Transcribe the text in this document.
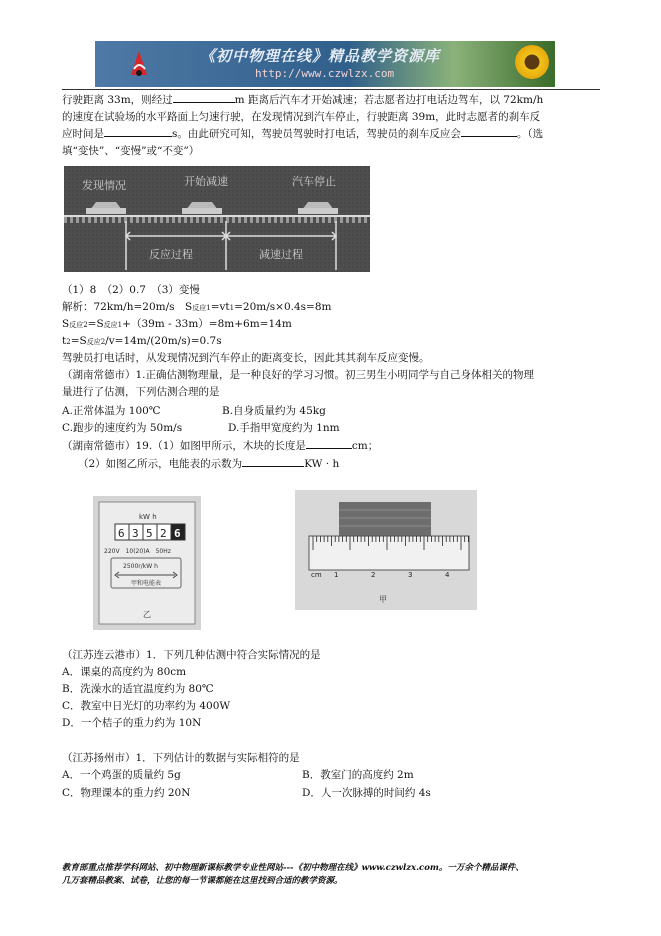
《初中物理在线》精品教学资源库
http://www.czwlzx.com
行驶距离 33m，则经过	m 距离后汽车才开始减速；若志愿者边打电话边驾车，以 72km/h
的速度在试验场的水平路面上匀速行驶，在发现情况到汽车停止，行驶距离 39m，此时志愿者的刹车反
应时间是	s。由此研究可知，驾驶员驾驶时打电话，驾驶员的刹车反应会	。（选
填“变快”、“变慢”或“不变”）
发现情况	开始减速	汽车停止
反应过程	减速过程
（1）8　（2）0.7　（3）变慢
解析：72km/h=20m/s　S反应1=vt1=20m/s×0.4s=8m
S反应2=S反应1+（39m - 33m）=8m+6m=14m
t2=S反应2/v=14m/(20m/s)=0.7s
驾驶员打电话时，从发现情况到汽车停止的距离变长，因此其其刹车反应变慢。
（湖南常德市）1.正确估测物理量，是一种良好的学习习惯。初三男生小明同学与自己身体相关的物理
量进行了估测，下列估测合理的是
A.正常体温为 100℃	B.自身质量约为 45kg
C.跑步的速度约为 50m/s	D.手指甲宽度约为 1nm
（湖南常德市）19.（1）如图甲所示，木块的长度是	cm；
（2）如图乙所示，电能表的示数为	KW · h
kW h
6 3 5 2 6
220V　10(20)A　50Hz
2500r/kW h
甲和电能表
乙
cm 1	2	3	4
甲
（江苏连云港市）1．下列几种估测中符合实际情况的是
A．课桌的高度约为 80cm
B．洗澡水的适宜温度约为 80℃
C．教室中日光灯的功率约为 400W
D．一个桔子的重力约为 10N
（江苏扬州市）1．下列估计的数据与实际相符的是
A．一个鸡蛋的质量约 5g	B．教室门的高度约 2m
C．物理课本的重力约 20N	D．人一次脉搏的时间约 4s
教育部重点推荐学科网站、初中物理新课标教学专业性网站---《初中物理在线》www.czwlzx.com。一万余个精品课件、
几万套精品教案、试卷，让您的每一节课都能在这里找到合适的教学资源。
